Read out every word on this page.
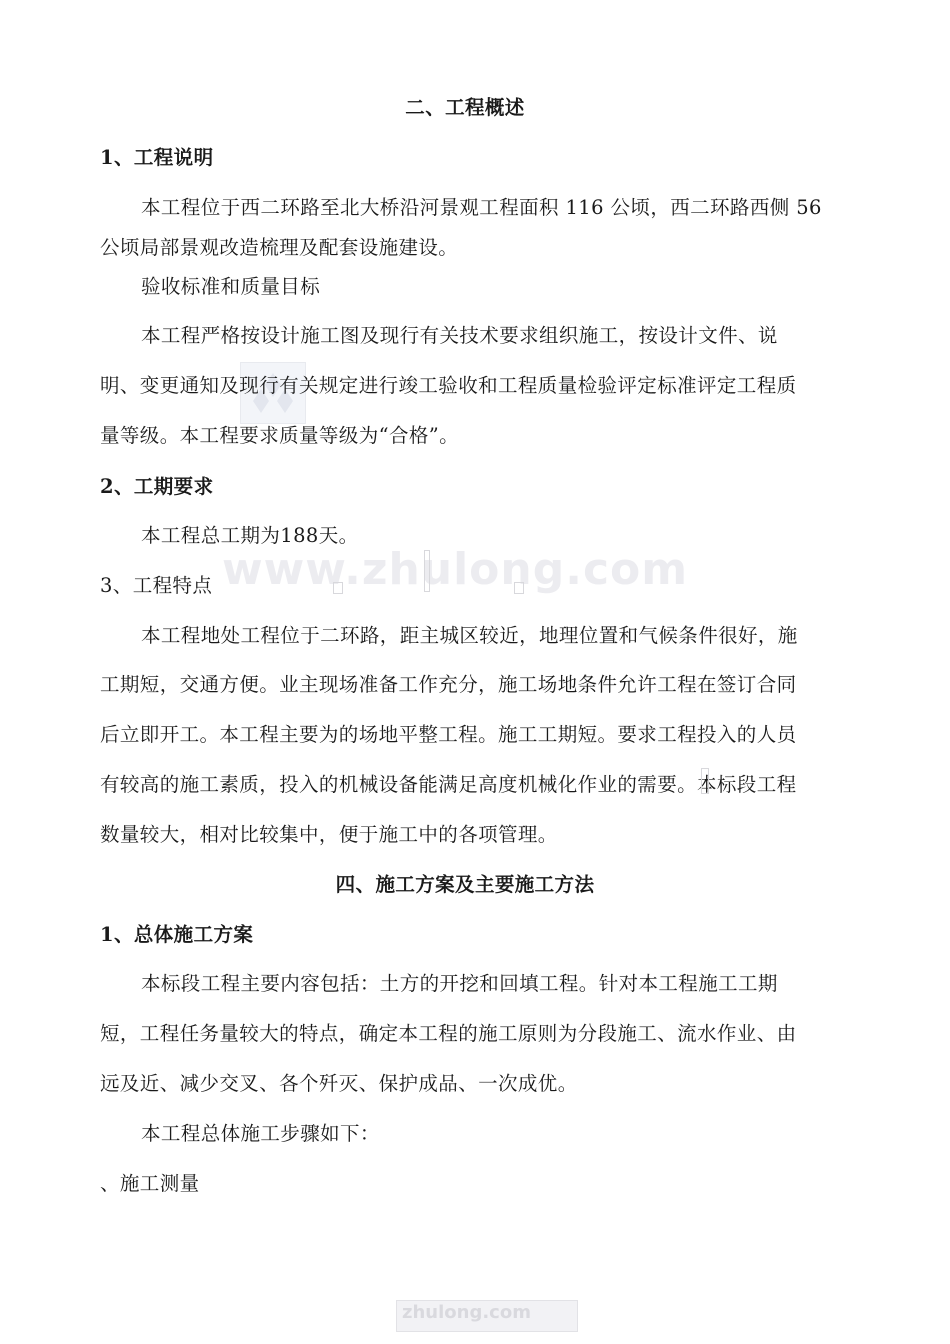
二、工程概述
1、工程说明
本工程位于西二环路至北大桥沿河景观工程面积 116 公顷，西二环路西侧 56
公顷局部景观改造梳理及配套设施建设。
验收标准和质量目标
本工程严格按设计施工图及现行有关技术要求组织施工，按设计文件、说
明、变更通知及现行有关规定进行竣工验收和工程质量检验评定标准评定工程质
量等级。本工程要求质量等级为“合格”。
2、工期要求
本工程总工期为188天。
www.zhulong.com
3、工程特点
本工程地处工程位于二环路，距主城区较近，地理位置和气候条件很好，施
工期短，交通方便。业主现场准备工作充分，施工场地条件允许工程在签订合同
后立即开工。本工程主要为的场地平整工程。施工工期短。要求工程投入的人员
有较高的施工素质，投入的机械设备能满足高度机械化作业的需要。本标段工程
数量较大，相对比较集中，便于施工中的各项管理。
四、施工方案及主要施工方法
1、总体施工方案
本标段工程主要内容包括：土方的开挖和回填工程。针对本工程施工工期
短，工程任务量较大的特点，确定本工程的施工原则为分段施工、流水作业、由
远及近、减少交叉、各个歼灭、保护成品、一次成优。
本工程总体施工步骤如下：
、施工测量
zhulong.com
